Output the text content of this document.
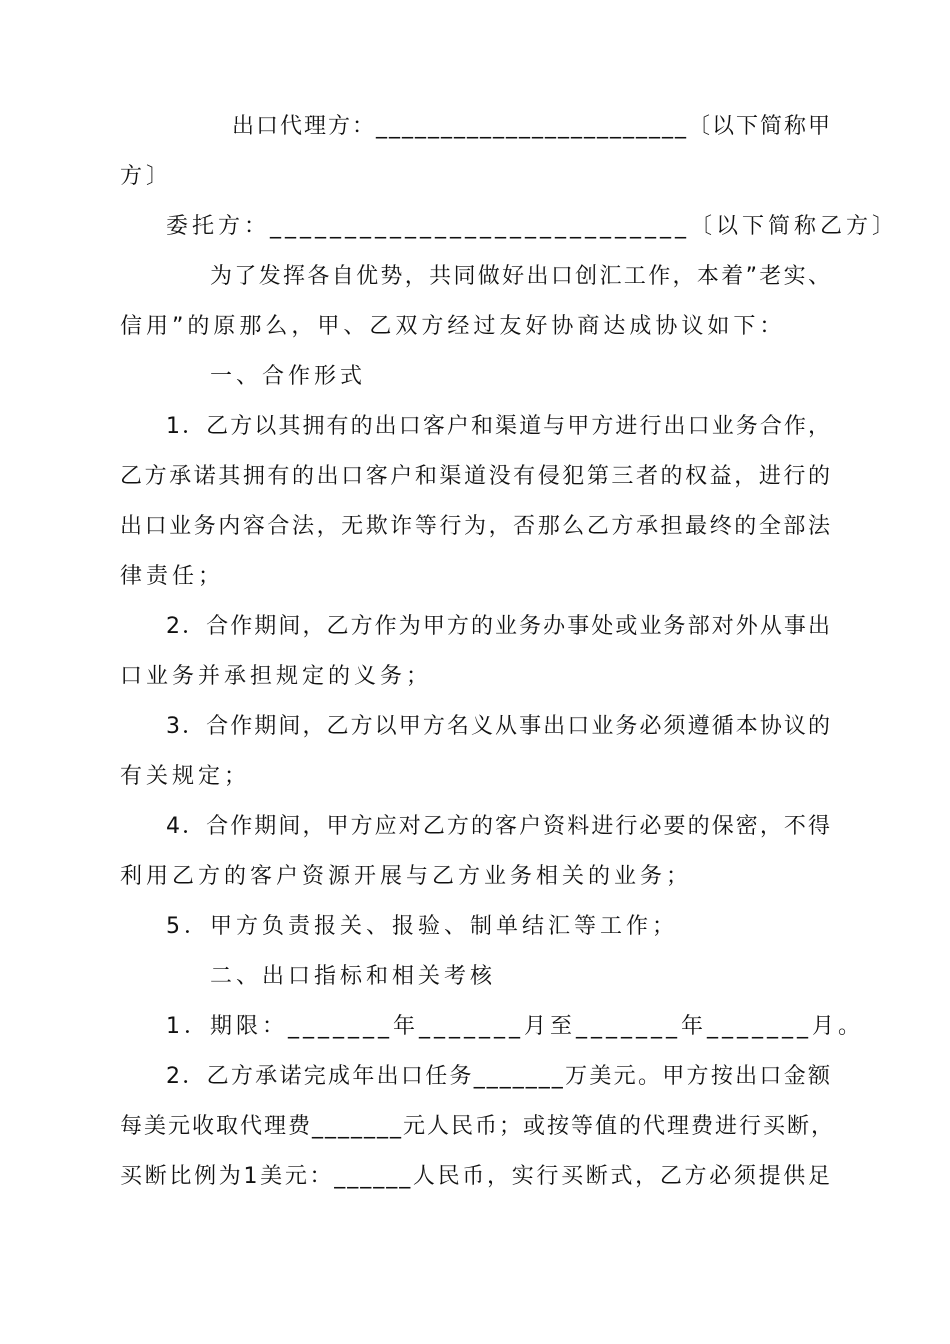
出口代理方：________________________〔以下简称甲
方〕
委托方：____________________________〔以下简称乙方〕
为了发挥各自优势，共同做好出口创汇工作，本着”老实、
信用”的原那么，甲、乙双方经过友好协商达成协议如下：
一、合作形式
1．乙方以其拥有的出口客户和渠道与甲方进行出口业务合作，
乙方承诺其拥有的出口客户和渠道没有侵犯第三者的权益，进行的
出口业务内容合法，无欺诈等行为，否那么乙方承担最终的全部法
律责任；
2．合作期间，乙方作为甲方的业务办事处或业务部对外从事出
口业务并承担规定的义务；
3．合作期间，乙方以甲方名义从事出口业务必须遵循本协议的
有关规定；
4．合作期间，甲方应对乙方的客户资料进行必要的保密，不得
利用乙方的客户资源开展与乙方业务相关的业务；
5．甲方负责报关、报验、制单结汇等工作；
二、出口指标和相关考核
1．期限：_______年_______月至_______年_______月。
2．乙方承诺完成年出口任务_______万美元。甲方按出口金额
每美元收取代理费_______元人民币；或按等值的代理费进行买断，
买断比例为1美元：______人民币，实行买断式，乙方必须提供足
